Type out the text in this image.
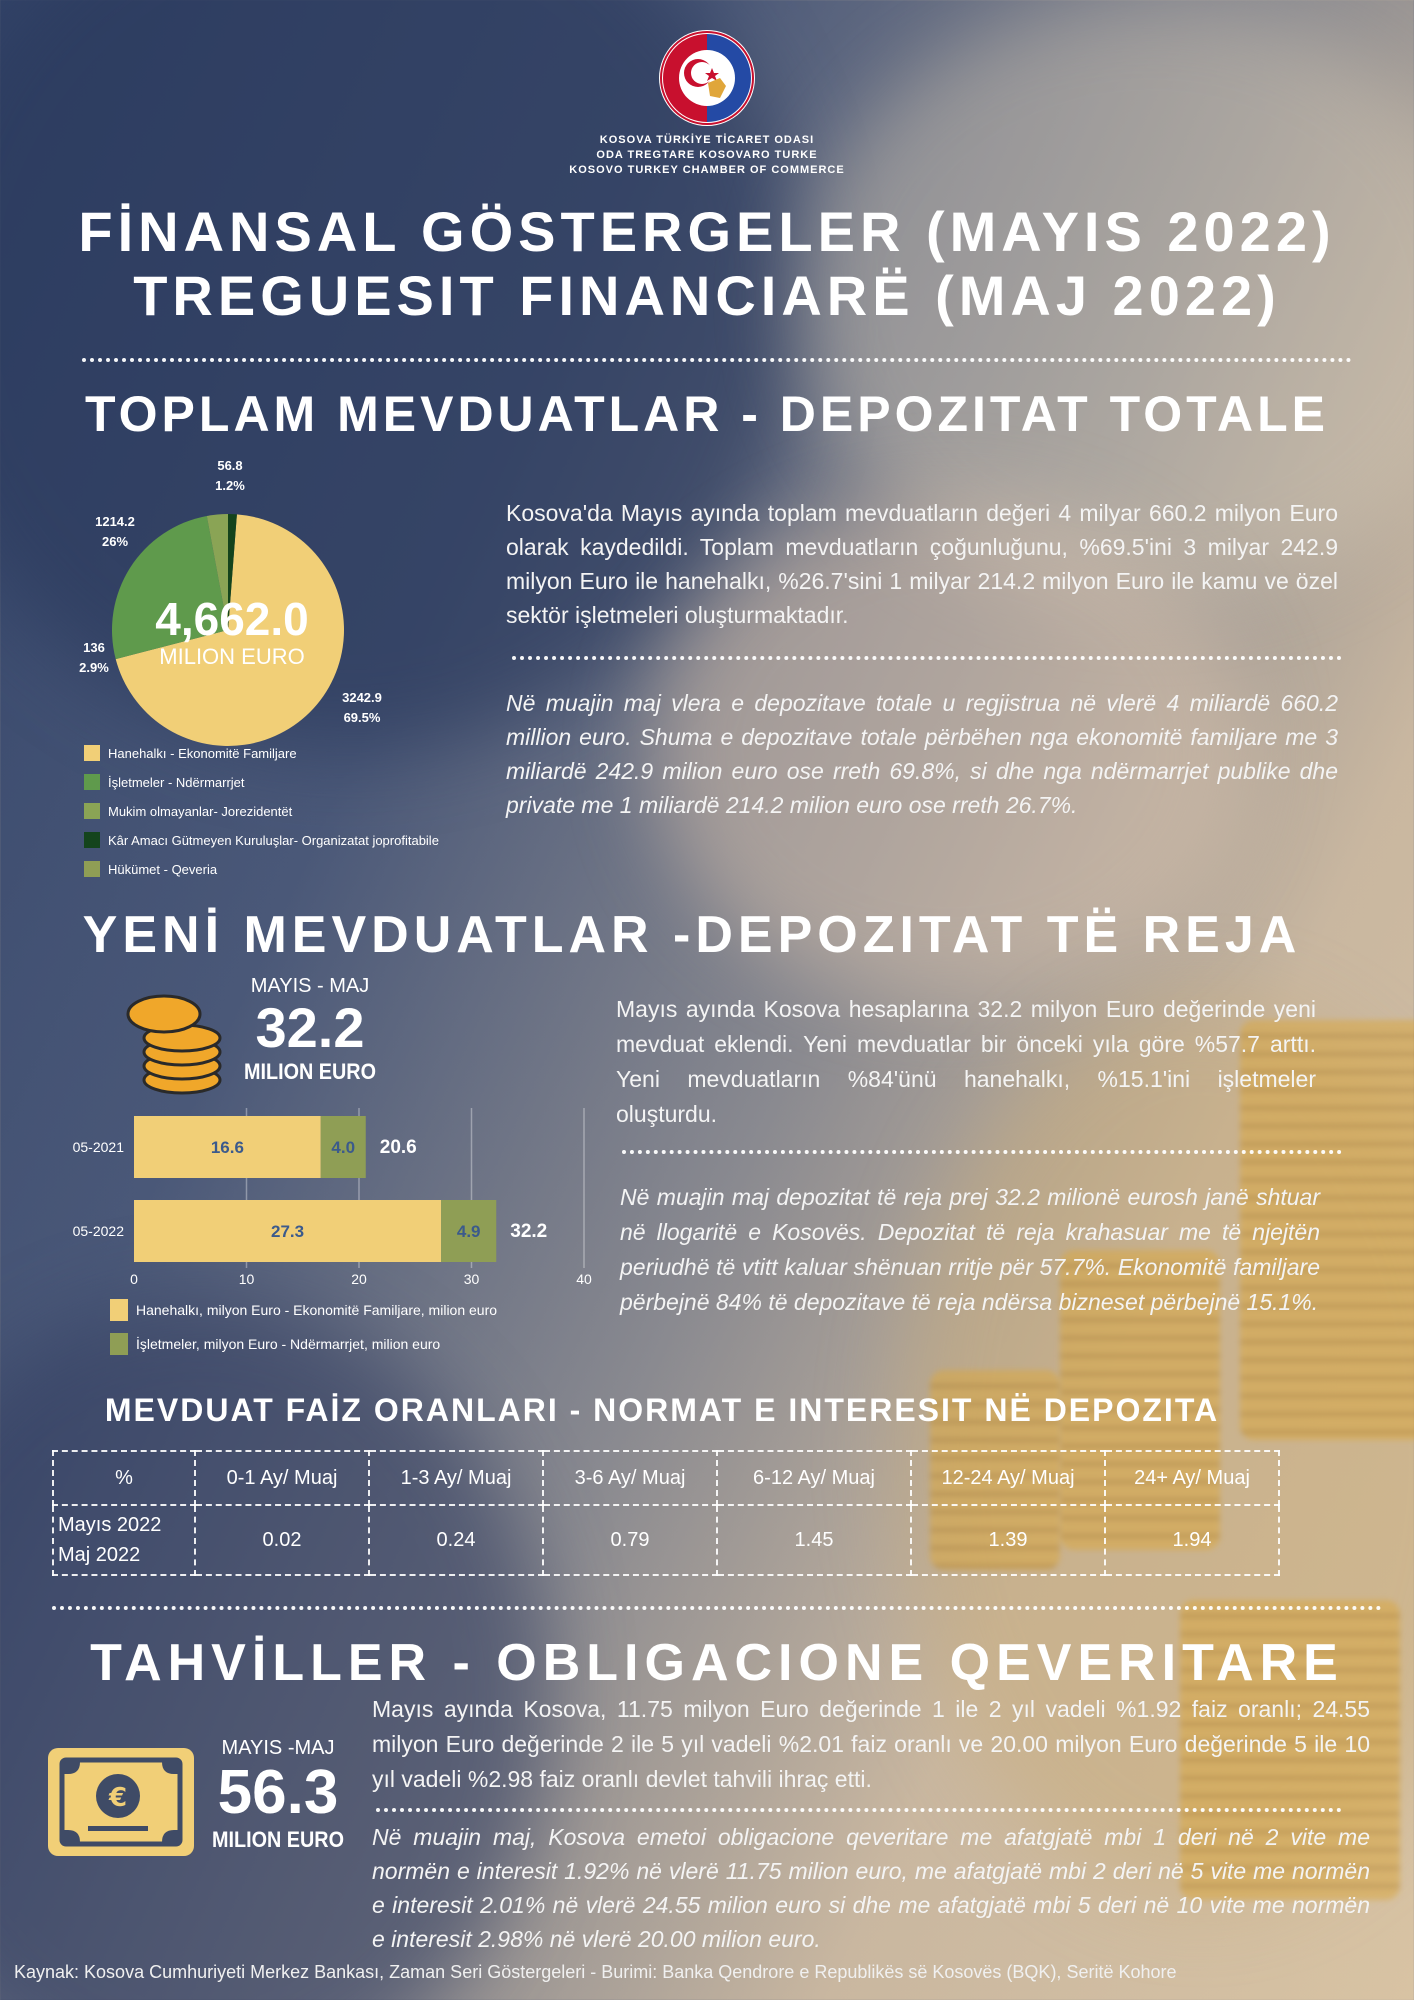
KOSOVA TÜRKİYE TİCARET ODASI
ODA TREGTARE KOSOVARO TURKE
KOSOVO TURKEY CHAMBER OF COMMERCE
FİNANSAL GÖSTERGELER (MAYIS 2022)
TREGUESIT FINANCIARË (MAJ 2022)
TOPLAM MEVDUATLAR - DEPOZITAT TOTALE
4,662.0
MILION EURO
56.8
1.2%
1214.2
26%
136
2.9%
3242.9
69.5%
Hanehalkı - Ekonomitë Familjare
İşletmeler - Ndërmarrjet
Mukim olmayanlar- Jorezidentët
Kâr Amacı Gütmeyen Kuruluşlar- Organizatat joprofitabile
Hükümet - Qeveria
Kosova'da Mayıs ayında toplam mevduatların değeri 4 milyar 660.2 milyon Euro olarak kaydedildi. Toplam mevduatların çoğunluğunu, %69.5'ini 3 milyar 242.9 milyon Euro ile hanehalkı, %26.7'sini 1 milyar 214.2 milyon Euro ile kamu ve özel sektör işletmeleri oluşturmaktadır.
Në muajin maj vlera e depozitave totale u regjistrua në vlerë 4 miliardë 660.2 million euro. Shuma e depozitave totale përbëhen nga ekonomitë familjare me 3 miliardë 242.9 milion euro ose rreth 69.8%, si dhe nga ndërmarrjet publike dhe private me 1 miliardë 214.2 milion euro ose rreth 26.7%.
YENİ MEVDUATLAR -DEPOZITAT TË REJA
MAYIS - MAJ
32.2
MILION EURO
05-2021	16.6	4.0 20.6
05-2022	27.3	4.9 32.2
0	10	20	30	40
Hanehalkı, milyon Euro - Ekonomitë Familjare, milion euro
İşletmeler, milyon Euro - Ndërmarrjet, milion euro
Mayıs ayında Kosova hesaplarına 32.2 milyon Euro değerinde yeni mevduat eklendi. Yeni mevduatlar bir önceki yıla göre %57.7 arttı. Yeni mevduatların %84'ünü hanehalkı, %15.1'ini işletmeler oluşturdu.
Në muajin maj depozitat të reja prej 32.2 milionë eurosh janë shtuar në llogaritë e Kosovës. Depozitat të reja krahasuar me të njejtën periudhë të vtitt kaluar shënuan rritje për 57.7%. Ekonomitë familjare përbejnë 84% të depozitave të reja ndërsa bizneset përbejnë 15.1%.
MEVDUAT FAİZ ORANLARI - NORMAT E INTERESIT NË DEPOZITA
%	0-1 Ay/ Muaj	1-3 Ay/ Muaj	3-6 Ay/ Muaj	6-12 Ay/ Muaj	12-24 Ay/ Muaj	24+ Ay/ Muaj

Mayıs 2022
Maj 2022	0.02	0.24	0.79	1.45	1.39	1.94
TAHVİLLER - OBLIGACIONE QEVERITARE
€
MAYIS -MAJ
56.3
MILION EURO
Mayıs ayında Kosova, 11.75 milyon Euro değerinde 1 ile 2 yıl vadeli %1.92 faiz oranlı; 24.55 milyon Euro değerinde 2 ile 5 yıl vadeli %2.01 faiz oranlı ve 20.00 milyon Euro değerinde 5 ile 10 yıl vadeli %2.98 faiz oranlı devlet tahvili ihraç etti.
Në muajin maj, Kosova emetoi obligacione qeveritare me afatgjatë mbi 1 deri në 2 vite me normën e interesit 1.92% në vlerë 11.75 milion euro, me afatgjatë mbi 2 deri në 5 vite me normën e interesit 2.01% në vlerë 24.55 milion euro si dhe me afatgjatë mbi 5 deri në 10 vite me normën e interesit 2.98% në vlerë 20.00 milion euro.
Kaynak: Kosova Cumhuriyeti Merkez Bankası, Zaman Seri Göstergeleri - Burimi: Banka Qendrore e Republikës së Kosovës (BQK), Seritë Kohore
